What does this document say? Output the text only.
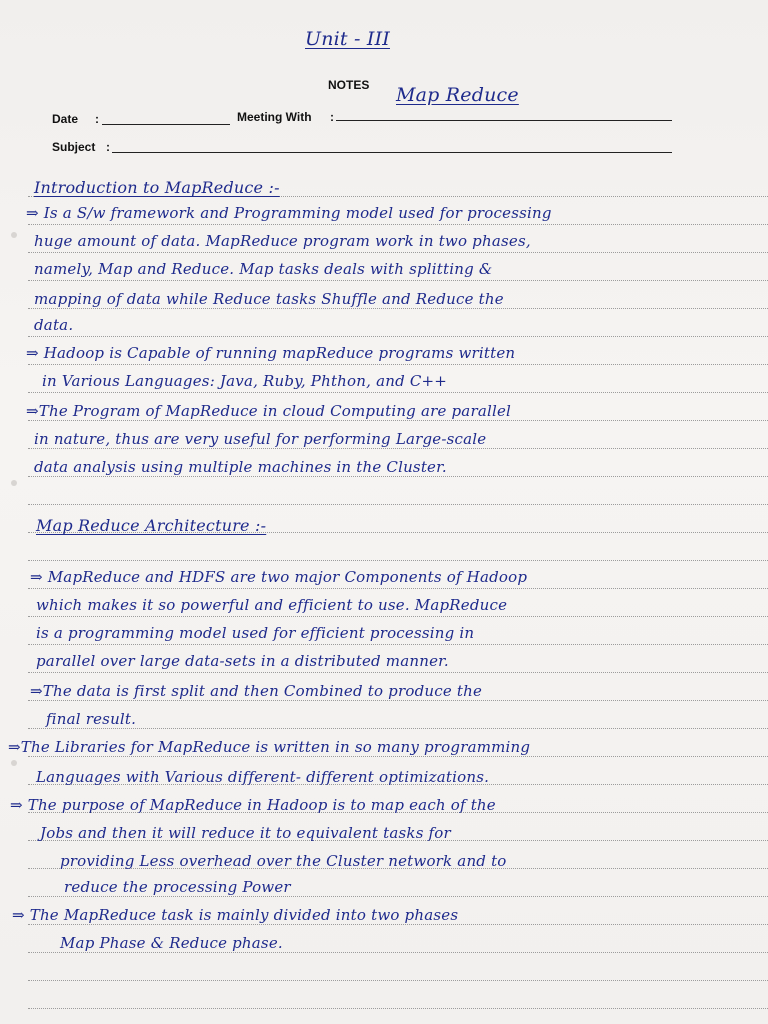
Unit - III
NOTES Map Reduce
Date :	Meeting With :
Subject :
Introduction to MapReduce :-
⇒ Is a S/w framework and Programming model used for processing
huge amount of data. MapReduce program work in two phases,
namely, Map and Reduce. Map tasks deals with splitting &
mapping of data while Reduce tasks Shuffle and Reduce the
data.
⇒ Hadoop is Capable of running mapReduce programs written
in Various Languages: Java, Ruby, Phthon, and C++
⇒The Program of MapReduce in cloud Computing are parallel
in nature, thus are very useful for performing Large-scale
data analysis using multiple machines in the Cluster.
Map Reduce Architecture :-
⇒ MapReduce and HDFS are two major Components of Hadoop
which makes it so powerful and efficient to use. MapReduce
is a programming model used for efficient processing in
parallel over large data-sets in a distributed manner.
⇒The data is first split and then Combined to produce the
final result.
⇒The Libraries for MapReduce is written in so many programming
Languages with Various different- different optimizations.
⇒ The purpose of MapReduce in Hadoop is to map each of the
Jobs and then it will reduce it to equivalent tasks for
providing Less overhead over the Cluster network and to
reduce the processing Power
⇒ The MapReduce task is mainly divided into two phases
Map Phase & Reduce phase.
